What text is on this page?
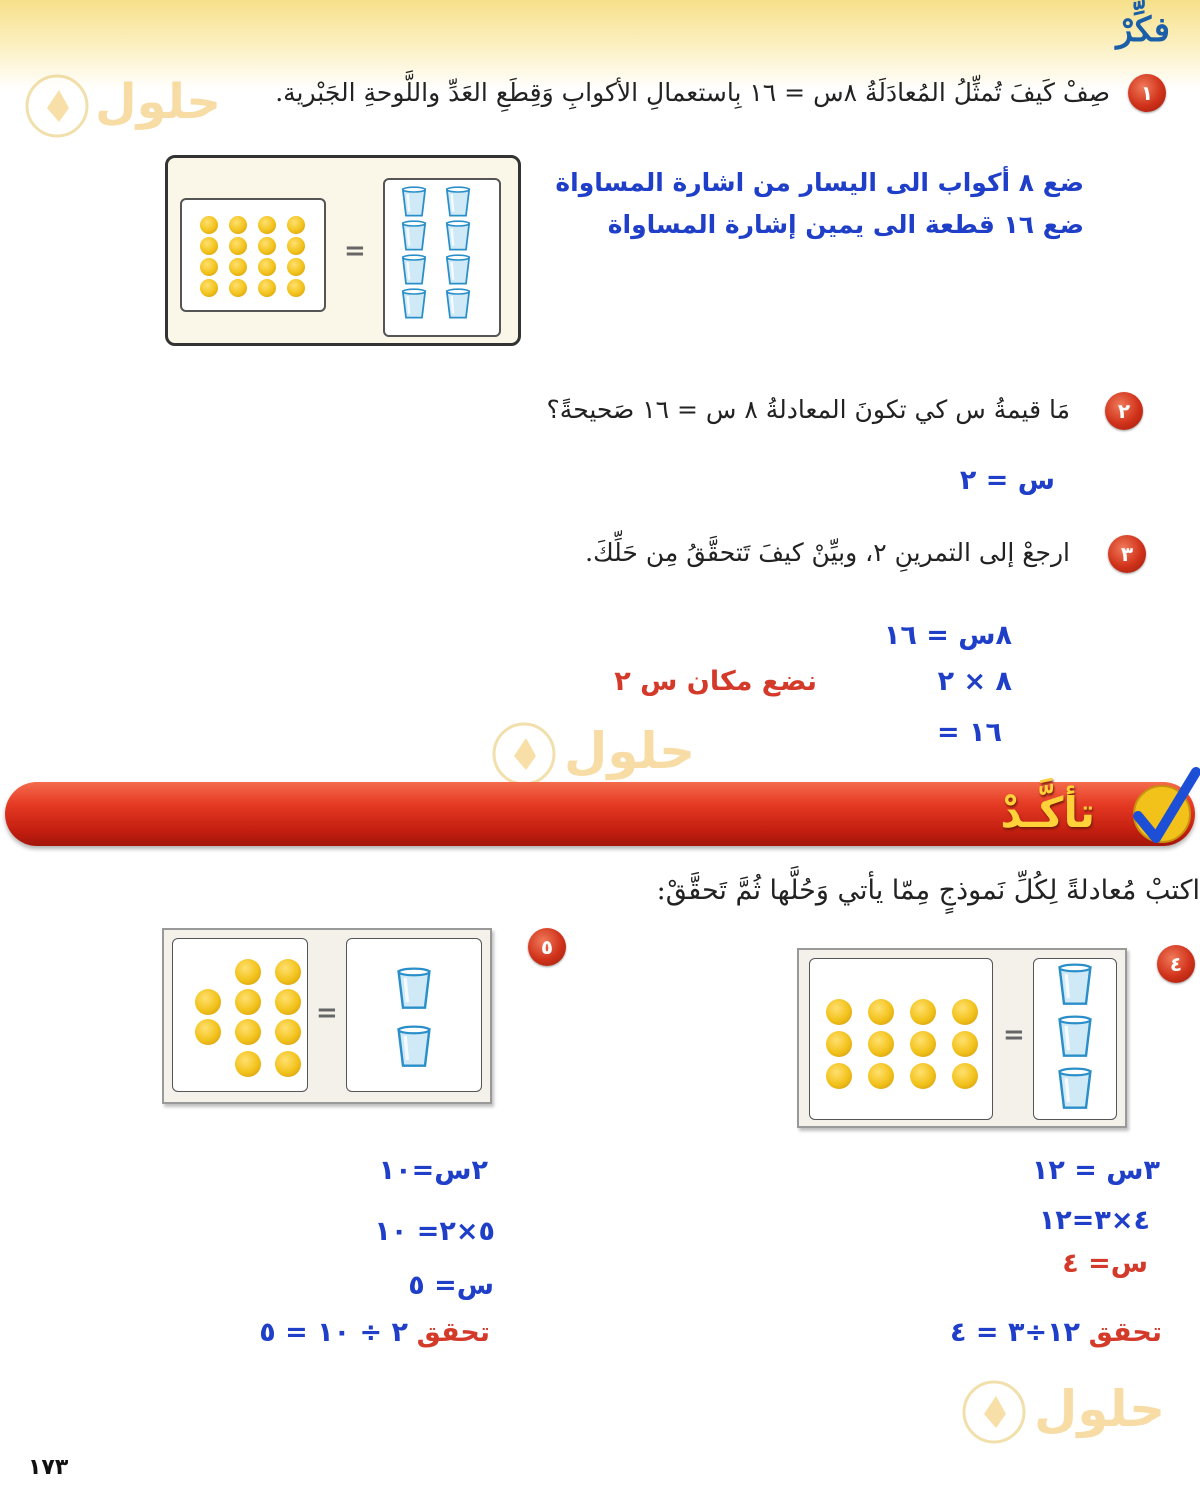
فكِّرْ
حلول	١
صِفْ كَيفَ تُمثِّلُ المُعادَلَةُ ٨س = ١٦ بِاستعمالِ الأكوابِ وَقِطَعِ العَدِّ واللَّوحةِ الجَبْرية.
=
ضع ٨ أكواب الى اليسار من اشارة المساواة
ضع ١٦ قطعة الى يمين إشارة المساواة
٢
مَا قيمةُ س كي تكونَ المعادلةُ ٨ س = ١٦ صَحيحةً؟
س = ٢
٣
ارجعْ إلى التمرينِ ٢، وبيِّنْ كيفَ تَتحقَّقُ مِن حَلِّكَ.
٨س = ١٦
٨ × ٢
نضع مكان س ٢
= ١٦
حلول
تأكَّـدْ
اكتبْ مُعادلةً لِكُلِّ نَموذجٍ مِمّا يأتي وَحُلَّها ثُمَّ تَحقَّقْ:
٥
٤
=
=
٢س=١٠
٥×٢= ١٠
س= ٥
تحقق ٢ ÷ ١٠ = ٥
٣س = ١٢
٤×٣=١٢
س= ٤
تحقق ١٢÷٣ = ٤
حلول
١٧٣
